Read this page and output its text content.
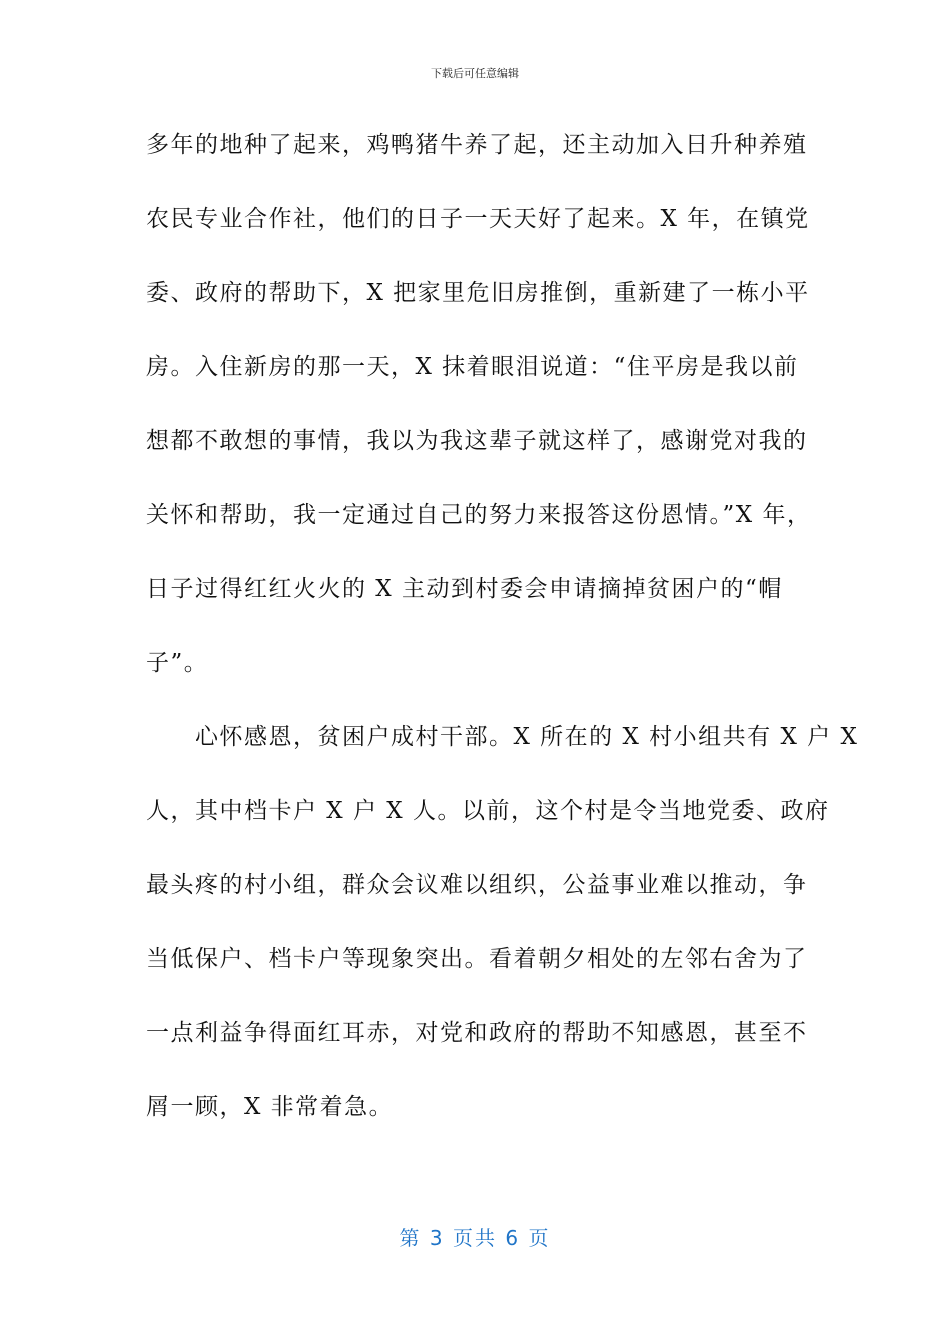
下载后可任意编辑
多年的地种了起来，鸡鸭猪牛养了起，还主动加入日升种养殖
农民专业合作社，他们的日子一天天好了起来。X 年，在镇党
委、政府的帮助下，X 把家里危旧房推倒，重新建了一栋小平
房。入住新房的那一天，X 抹着眼泪说道：“住平房是我以前
想都不敢想的事情，我以为我这辈子就这样了，感谢党对我的
关怀和帮助，我一定通过自己的努力来报答这份恩情。”X 年，
日子过得红红火火的 X 主动到村委会申请摘掉贫困户的“帽
子”。
　　心怀感恩，贫困户成村干部。X 所在的 X 村小组共有 X 户 X
人，其中档卡户 X 户 X 人。以前，这个村是令当地党委、政府
最头疼的村小组，群众会议难以组织，公益事业难以推动，争
当低保户、档卡户等现象突出。看着朝夕相处的左邻右舍为了
一点利益争得面红耳赤，对党和政府的帮助不知感恩，甚至不
屑一顾，X 非常着急。
第 3 页共 6 页
